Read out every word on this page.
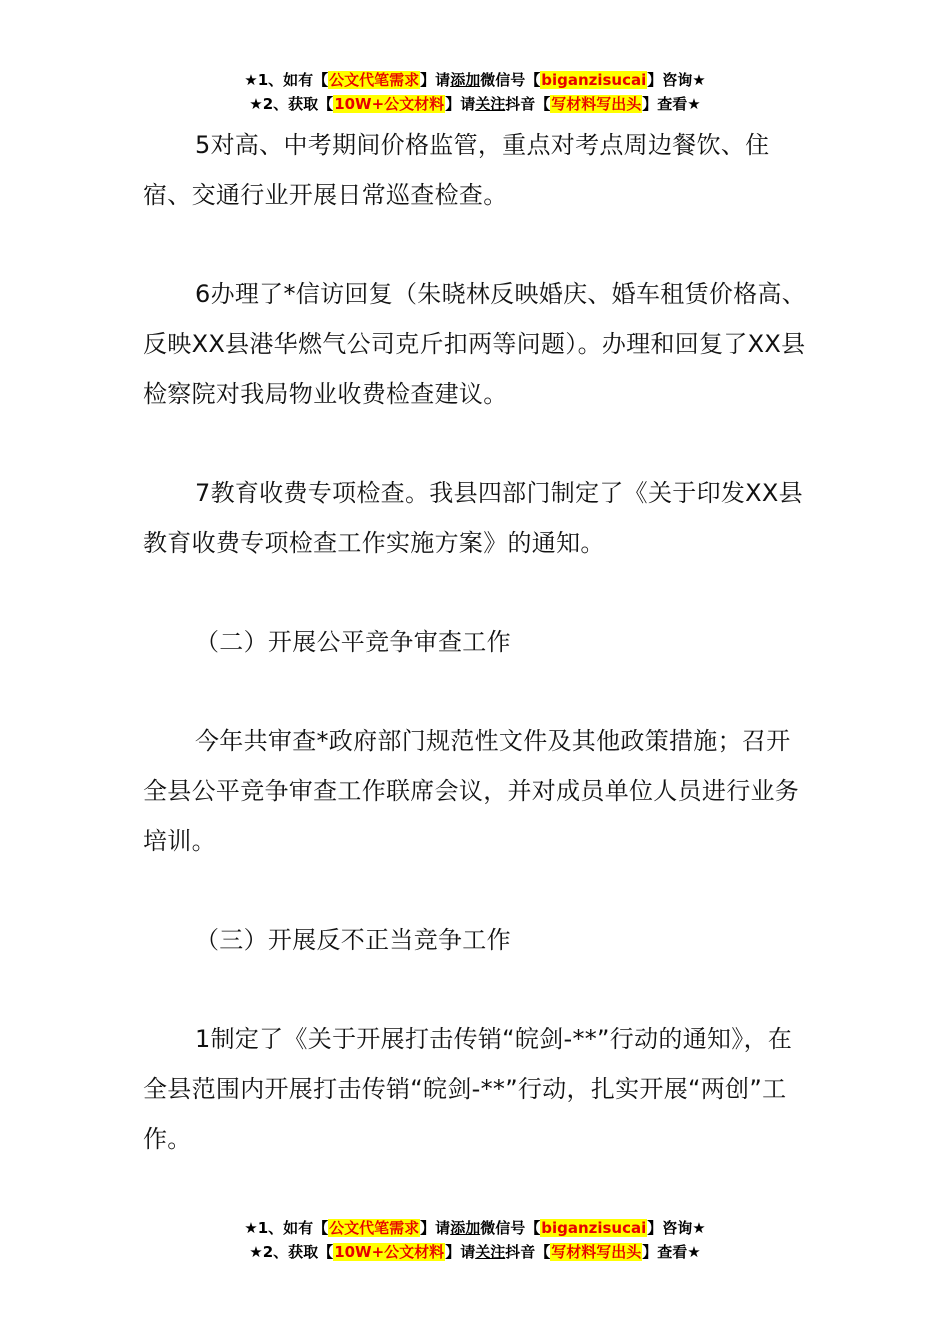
★1、如有【公文代笔需求】请添加微信号【biganzisucai】咨询★
★2、获取【10W+公文材料】请关注抖音【写材料写出头】查看★

5对高、中考期间价格监管，重点对考点周边餐饮、住宿、交通行业开展日常巡查检查。

6办理了*信访回复（朱晓林反映婚庆、婚车租赁价格高、反映XX县港华燃气公司克斤扣两等问题）。办理和回复了XX县检察院对我局物业收费检查建议。

7教育收费专项检查。我县四部门制定了《关于印发XX县教育收费专项检查工作实施方案》的通知。

（二）开展公平竞争审查工作

今年共审查*政府部门规范性文件及其他政策措施；召开全县公平竞争审查工作联席会议，并对成员单位人员进行业务培训。

（三）开展反不正当竞争工作

1制定了《关于开展打击传销“皖剑-**”行动的通知》，在全县范围内开展打击传销“皖剑-**”行动，扎实开展“两创”工作。

★1、如有【公文代笔需求】请添加微信号【biganzisucai】咨询★
★2、获取【10W+公文材料】请关注抖音【写材料写出头】查看★
